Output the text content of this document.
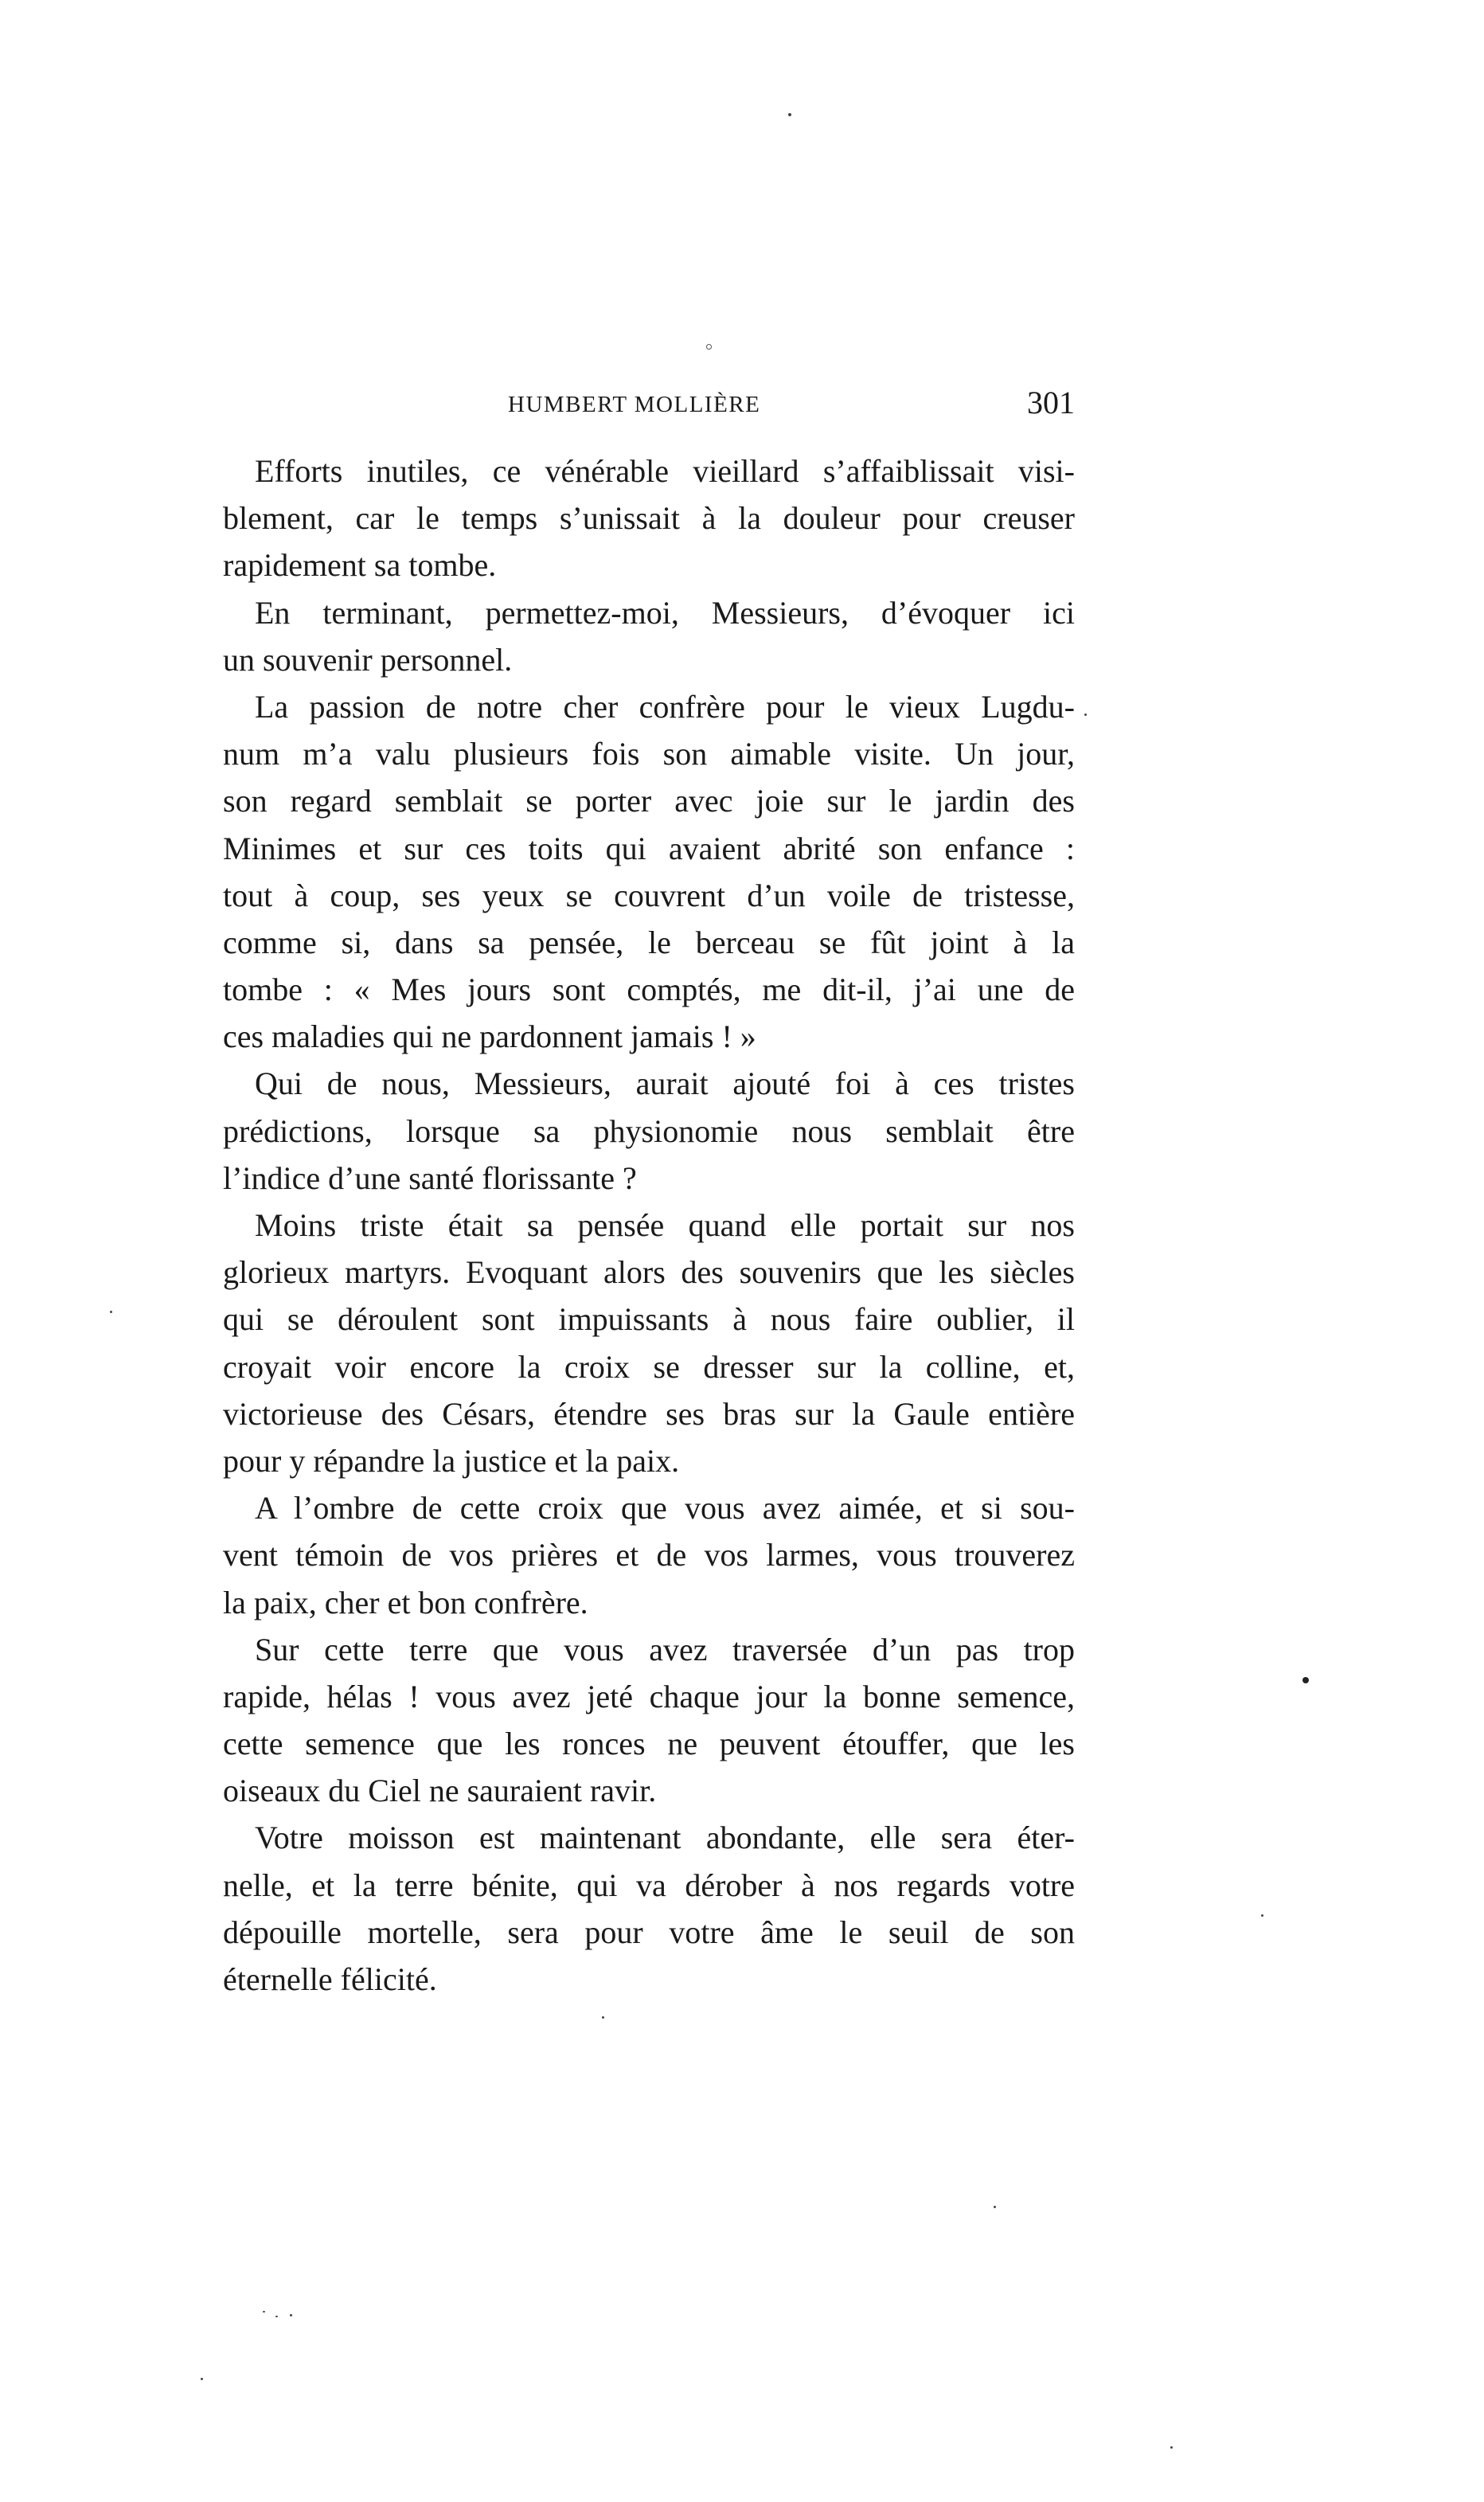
HUMBERT MOLLIÈRE	301
Efforts inutiles, ce vénérable vieillard s’affaiblissait visi-
blement, car le temps s’unissait à la douleur pour creuser
rapidement sa tombe.
En terminant, permettez-moi, Messieurs, d’évoquer ici
un souvenir personnel.
La passion de notre cher confrère pour le vieux Lugdu-
num m’a valu plusieurs fois son aimable visite. Un jour,
son regard semblait se porter avec joie sur le jardin des
Minimes et sur ces toits qui avaient abrité son enfance :
tout à coup, ses yeux se couvrent d’un voile de tristesse,
comme si, dans sa pensée, le berceau se fût joint à la
tombe : « Mes jours sont comptés, me dit-il, j’ai une de
ces maladies qui ne pardonnent jamais ! »
Qui de nous, Messieurs, aurait ajouté foi à ces tristes
prédictions, lorsque sa physionomie nous semblait être
l’indice d’une santé florissante ?
Moins triste était sa pensée quand elle portait sur nos
glorieux martyrs. Evoquant alors des souvenirs que les siècles
qui se déroulent sont impuissants à nous faire oublier, il
croyait voir encore la croix se dresser sur la colline, et,
victorieuse des Césars, étendre ses bras sur la Gaule entière
pour y répandre la justice et la paix.
A l’ombre de cette croix que vous avez aimée, et si sou-
vent témoin de vos prières et de vos larmes, vous trouverez
la paix, cher et bon confrère.
Sur cette terre que vous avez traversée d’un pas trop
rapide, hélas ! vous avez jeté chaque jour la bonne semence,
cette semence que les ronces ne peuvent étouffer, que les
oiseaux du Ciel ne sauraient ravir.
Votre moisson est maintenant abondante, elle sera éter-
nelle, et la terre bénite, qui va dérober à nos regards votre
dépouille mortelle, sera pour votre âme le seuil de son
éternelle félicité.
